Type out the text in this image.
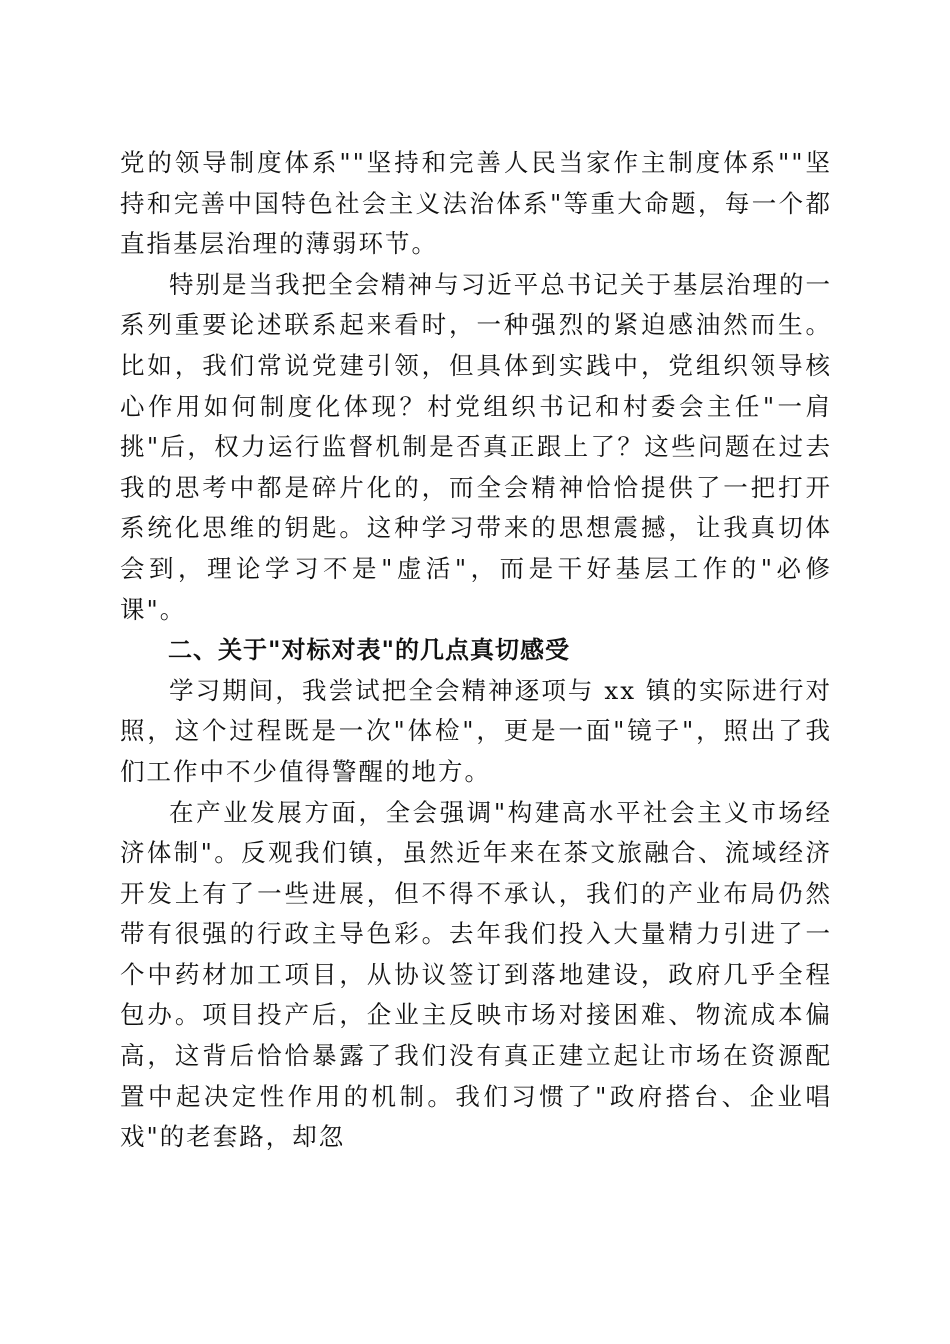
党的领导制度体系""坚持和完善人民当家作主制度体系""坚持和完善中国特色社会主义法治体系"等重大命题，每一个都直指基层治理的薄弱环节。

特别是当我把全会精神与习近平总书记关于基层治理的一系列重要论述联系起来看时，一种强烈的紧迫感油然而生。比如，我们常说党建引领，但具体到实践中，党组织领导核心作用如何制度化体现？村党组织书记和村委会主任"一肩挑"后，权力运行监督机制是否真正跟上了？这些问题在过去我的思考中都是碎片化的，而全会精神恰恰提供了一把打开系统化思维的钥匙。这种学习带来的思想震撼，让我真切体会到，理论学习不是"虚活"，而是干好基层工作的"必修课"。

二、关于"对标对表"的几点真切感受

学习期间，我尝试把全会精神逐项与 xx 镇的实际进行对照，这个过程既是一次"体检"，更是一面"镜子"，照出了我们工作中不少值得警醒的地方。

在产业发展方面，全会强调"构建高水平社会主义市场经济体制"。反观我们镇，虽然近年来在茶文旅融合、流域经济开发上有了一些进展，但不得不承认，我们的产业布局仍然带有很强的行政主导色彩。去年我们投入大量精力引进了一个中药材加工项目，从协议签订到落地建设，政府几乎全程包办。项目投产后，企业主反映市场对接困难、物流成本偏高，这背后恰恰暴露了我们没有真正建立起让市场在资源配置中起决定性作用的机制。我们习惯了"政府搭台、企业唱戏"的老套路，却忽
